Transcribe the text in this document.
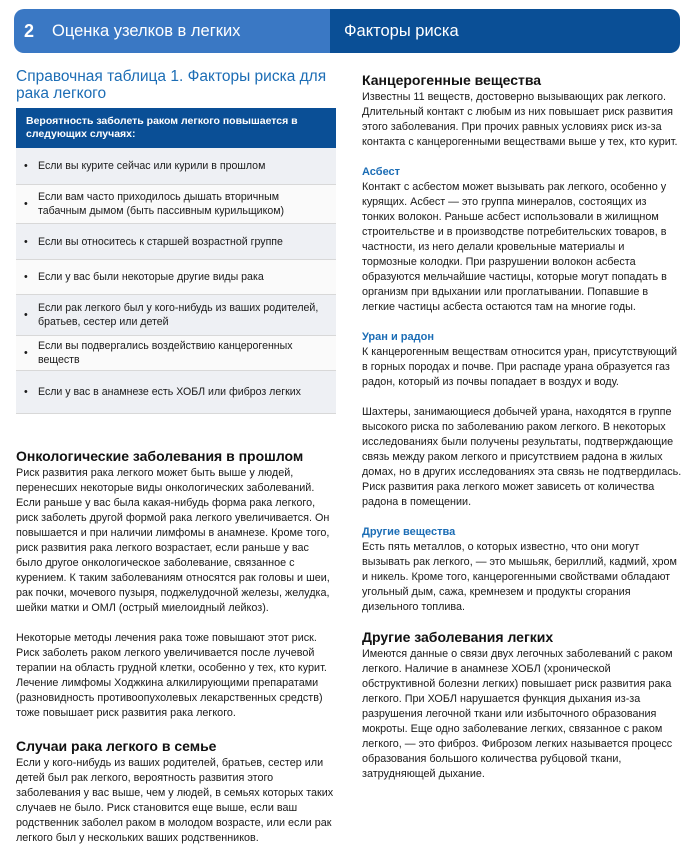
2	Оценка узелков в легких	Факторы риска
Справочная таблица 1. Факторы риска для рака легкого
Вероятность заболеть раком легкого повышается в следующих случаях:
• Если вы курите сейчас или курили в прошлом
•
Если вам часто приходилось дышать вторичным табачным дымом (быть пассивным курильщиком)
• Если вы относитесь к старшей возрастной группе
• Если у вас были некоторые другие виды рака
•
Если рак легкого был у кого-нибудь из ваших родителей, братьев, сестер или детей
•
Если вы подвергались воздействию канцерогенных веществ
• Если у вас в анамнезе есть ХОБЛ или фиброз легких
Онкологические заболевания в прошлом

Риск развития рака легкого может быть выше у людей, перенесших некоторые виды онкологических заболеваний. Если раньше у вас была какая-нибудь форма рака легкого, риск заболеть другой формой рака легкого увеличивается. Он повышается и при наличии лимфомы в анамнезе. Кроме того, риск развития рака легкого возрастает, если раньше у вас было другое онкологическое заболевание, связанное с курением. К таким заболеваниям относятся рак головы и шеи, рак почки, мочевого пузыря, поджелудочной железы, желудка, шейки матки и ОМЛ (острый миелоидный лейкоз).

Некоторые методы лечения рака тоже повышают этот риск. Риск заболеть раком легкого увеличивается после лучевой терапии на область грудной клетки, особенно у тех, кто курит. Лечение лимфомы Ходжкина алкилирующими препаратами (разновидность противоопухолевых лекарственных средств) тоже повышает риск развития рака легкого.

Случаи рака легкого в семье

Если у кого-нибудь из ваших родителей, братьев, сестер или детей был рак легкого, вероятность развития этого заболевания у вас выше, чем у людей, в семьях которых таких случаев не было. Риск становится еще выше, если ваш родственник заболел раком в молодом возрасте, или если рак легкого был у нескольких ваших родственников.

Канцерогенные вещества

Известны 11 веществ, достоверно вызывающих рак легкого. Длительный контакт с любым из них повышает риск развития этого заболевания. При прочих равных условиях риск из-за контакта с канцерогенными веществами выше у тех, кто курит.

Асбест

Контакт с асбестом может вызывать рак легкого, особенно у курящих. Асбест — это группа минералов, состоящих из тонких волокон. Раньше асбест использовали в жилищном строительстве и в производстве потребительских товаров, в частности, из него делали кровельные материалы и тормозные колодки. При разрушении волокон асбеста образуются мельчайшие частицы, которые могут попадать в организм при вдыхании или проглатывании. Попавшие в легкие частицы асбеста остаются там на многие годы.

Уран и радон

К канцерогенным веществам относится уран, присутствующий в горных породах и почве. При распаде урана образуется газ радон, который из почвы попадает в воздух и воду.

Шахтеры, занимающиеся добычей урана, находятся в группе высокого риска по заболеванию раком легкого. В некоторых исследованиях были получены результаты, подтверждающие связь между раком легкого и присутствием радона в жилых домах, но в других исследованиях эта связь не подтвердилась. Риск развития рака легкого может зависеть от количества радона в помещении.

Другие вещества

Есть пять металлов, о которых известно, что они могут вызывать рак легкого, — это мышьяк, бериллий, кадмий, хром и никель. Кроме того, канцерогенными свойствами обладают угольный дым, сажа, кремнезем и продукты сгорания дизельного топлива.

Другие заболевания легких

Имеются данные о связи двух легочных заболеваний с раком легкого. Наличие в анамнезе ХОБЛ (хронической обструктивной болезни легких) повышает риск развития рака легкого. При ХОБЛ нарушается функция дыхания из-за разрушения легочной ткани или избыточного образования мокроты. Еще одно заболевание легких, связанное с раком легкого, — это фиброз. Фиброзом легких называется процесс образования большого количества рубцовой ткани, затрудняющей дыхание.
